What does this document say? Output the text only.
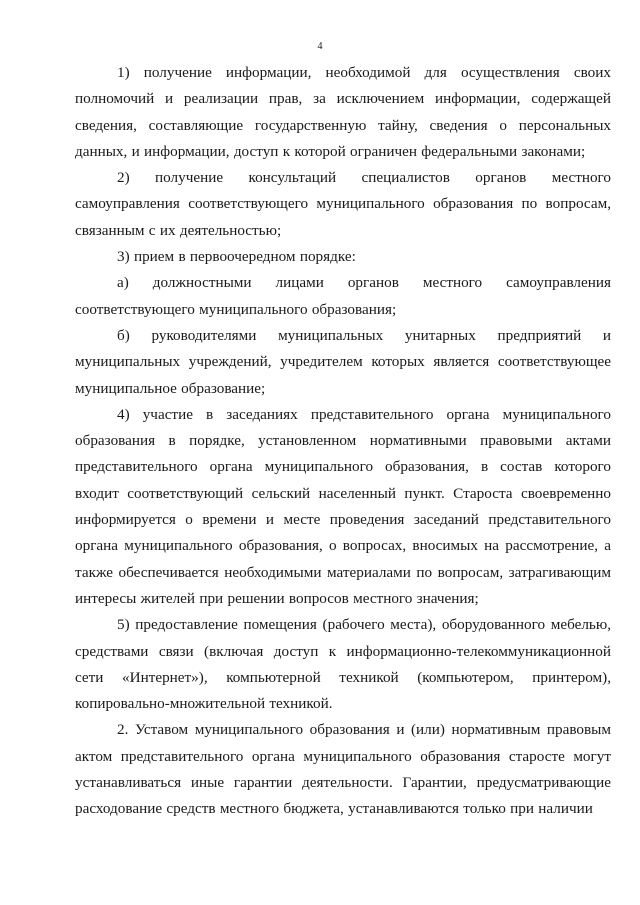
4

1) получение информации, необходимой для осуществления своих полномочий и реализации прав, за исключением информации, содержащей сведения, составляющие государственную тайну, сведения о персональных данных, и информации, доступ к которой ограничен федеральными законами;

2) получение консультаций специалистов органов местного самоуправления соответствующего муниципального образования по вопросам, связанным с их деятельностью;

3) прием в первоочередном порядке:

а) должностными лицами органов местного самоуправления соответствующего муниципального образования;

б) руководителями муниципальных унитарных предприятий и муниципальных учреждений, учредителем которых является соответствующее муниципальное образование;

4) участие в заседаниях представительного органа муниципального образования в порядке, установленном нормативными правовыми актами представительного органа муниципального образования, в состав которого входит соответствующий сельский населенный пункт. Староста своевременно информируется о времени и месте проведения заседаний представительного органа муниципального образования, о вопросах, вносимых на рассмотрение, а также обеспечивается необходимыми материалами по вопросам, затрагивающим интересы жителей при решении вопросов местного значения;

5) предоставление помещения (рабочего места), оборудованного мебелью, средствами связи (включая доступ к информационно-телекоммуникационной сети «Интернет»), компьютерной техникой (компьютером, принтером), копировально-множительной техникой.

2. Уставом муниципального образования и (или) нормативным правовым актом представительного органа муниципального образования старосте могут устанавливаться иные гарантии деятельности. Гарантии, предусматривающие расходование средств местного бюджета, устанавливаются только при наличии
